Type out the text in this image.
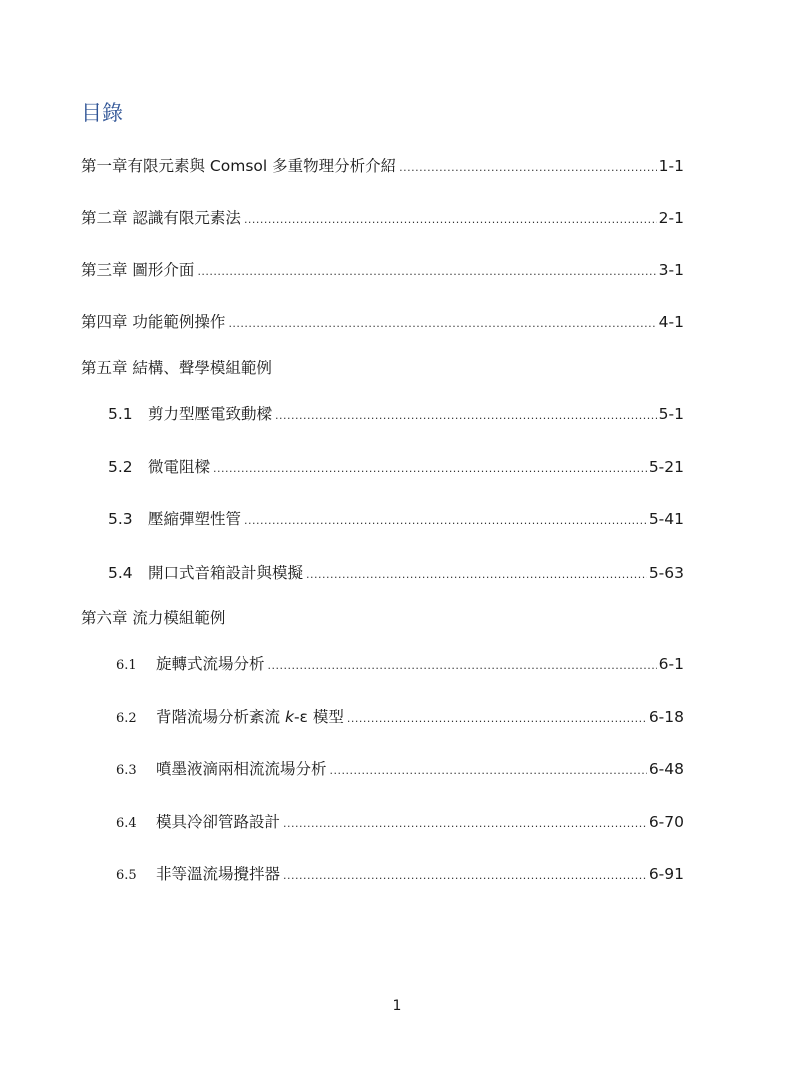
目錄
第一章有限元素與 Comsol 多重物理分析介紹 .....	1-1
第二章 認識有限元素法 .....	2-1
第三章 圖形介面 .....	3-1
第四章 功能範例操作 .....	4-1
第五章 結構、聲學模組範例
5.1 剪力型壓電致動樑 .....	5-1
5.2 微電阻樑 .....	5-21
5.3 壓縮彈塑性管 .....	5-41
5.4 開口式音箱設計與模擬 .....	5-63
第六章 流力模組範例
6.1	旋轉式流場分析 .....	6-1
6.2	背階流場分析紊流 k-ε 模型 .....	6-18
6.3	噴墨液滴兩相流流場分析 .....	6-48
6.4	模具冷卻管路設計 .....	6-70
6.5	非等溫流場攪拌器 .....	6-91
1
